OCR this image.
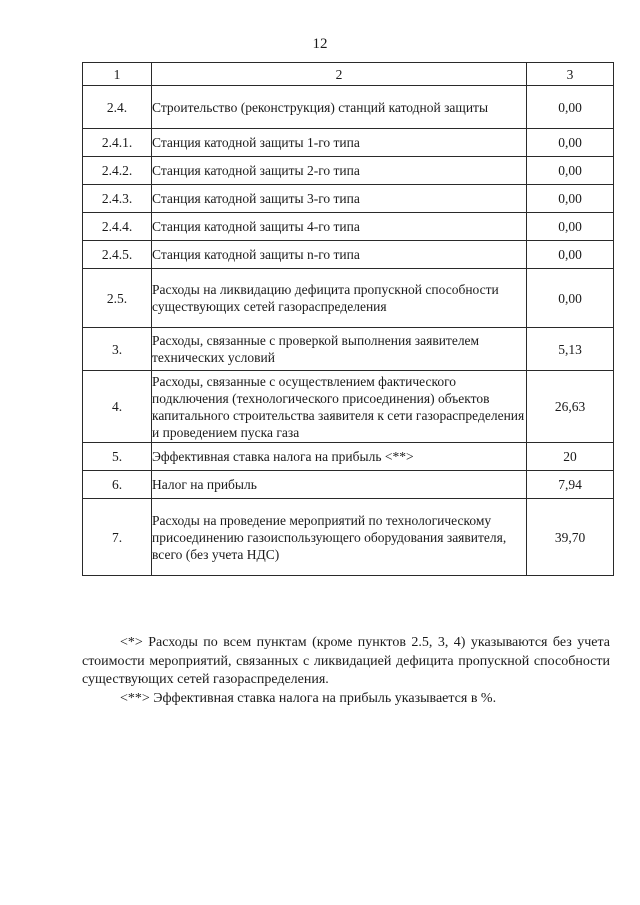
12
1	2	3
2.4.	Строительство (реконструкция) станций катодной защиты	0,00
2.4.1.	Станция катодной защиты 1-го типа	0,00
2.4.2.	Станция катодной защиты 2-го типа	0,00
2.4.3.	Станция катодной защиты 3-го типа	0,00
2.4.4.	Станция катодной защиты 4-го типа	0,00
2.4.5.	Станция катодной защиты n-го типа	0,00
2.5.	Расходы на ликвидацию дефицита пропускной способности существующих сетей газораспределения	0,00
3.	Расходы, связанные с проверкой выполнения заявителем технических условий	5,13
4.	Расходы, связанные с осуществлением фактического подключения (технологического присоединения) объектов капитального строительства заявителя к сети газораспределения и проведением пуска газа	26,63
5.	Эффективная ставка налога на прибыль <**>	20
6.	Налог на прибыль	7,94
7.	Расходы на проведение мероприятий по технологическому присоединению газоиспользующего оборудования заявителя, всего (без учета НДС)	39,70

<*> Расходы по всем пунктам (кроме пунктов 2.5, 3, 4) указываются без учета стоимости мероприятий, связанных с ликвидацией дефицита пропускной способности существующих сетей газораспределения.

<**> Эффективная ставка налога на прибыль указывается в %.
